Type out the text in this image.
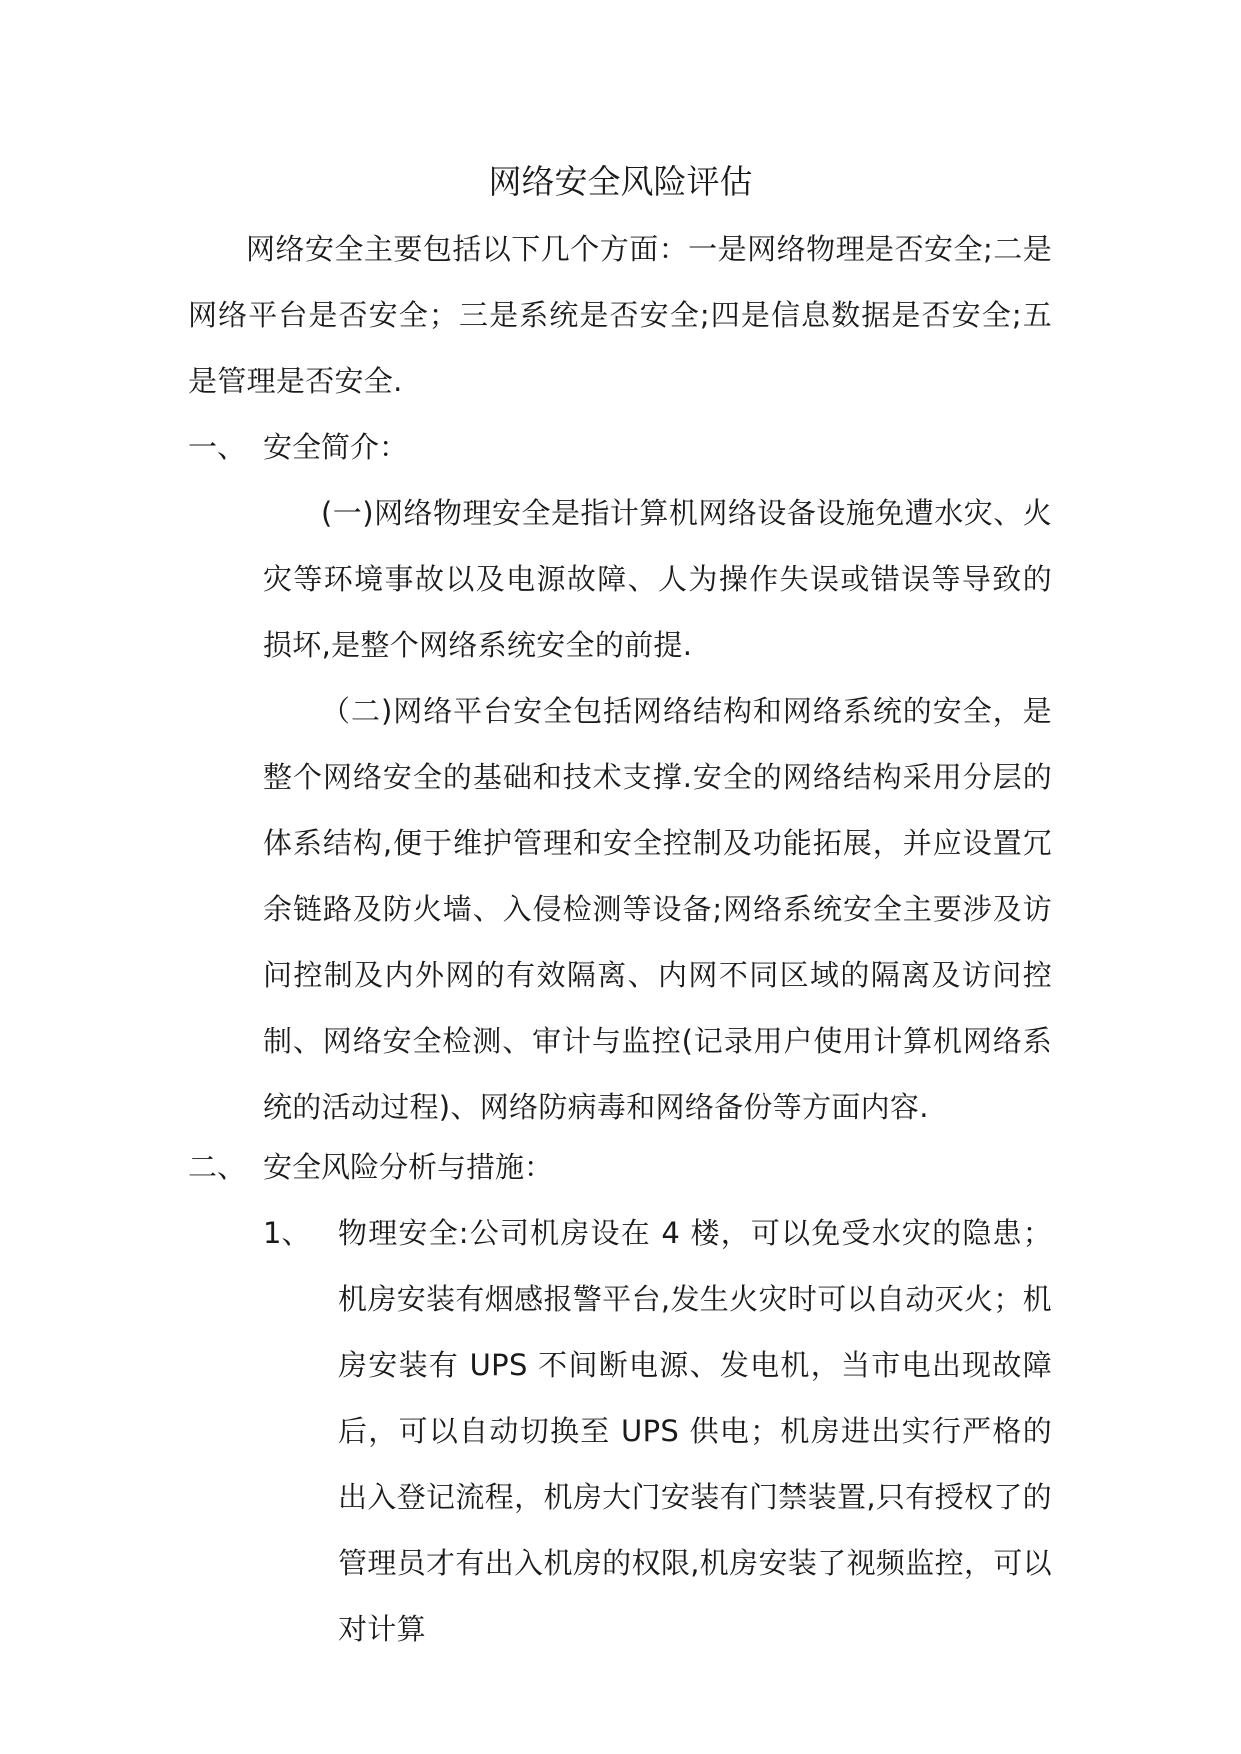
网络安全风险评估

网络安全主要包括以下几个方面：一是网络物理是否安全;二是网络平台是否安全；三是系统是否安全;四是信息数据是否安全;五是管理是否安全.

一、 安全简介：

(一)网络物理安全是指计算机网络设备设施免遭水灾、火灾等环境事故以及电源故障、人为操作失误或错误等导致的损坏,是整个网络系统安全的前提.

（二)网络平台安全包括网络结构和网络系统的安全，是整个网络安全的基础和技术支撑.安全的网络结构采用分层的体系结构,便于维护管理和安全控制及功能拓展，并应设置冗余链路及防火墙、入侵检测等设备;网络系统安全主要涉及访问控制及内外网的有效隔离、内网不同区域的隔离及访问控制、网络安全检测、审计与监控(记录用户使用计算机网络系统的活动过程)、网络防病毒和网络备份等方面内容.

二、 安全风险分析与措施：
1、 物理安全:公司机房设在 4 楼，可以免受水灾的隐患；机房安装有烟感报警平台,发生火灾时可以自动灭火；机房安装有 UPS 不间断电源、发电机，当市电出现故障后，可以自动切换至 UPS 供电；机房进出实行严格的出入登记流程，机房大门安装有门禁装置,只有授权了的管理员才有出入机房的权限,机房安装了视频监控，可以对计算
